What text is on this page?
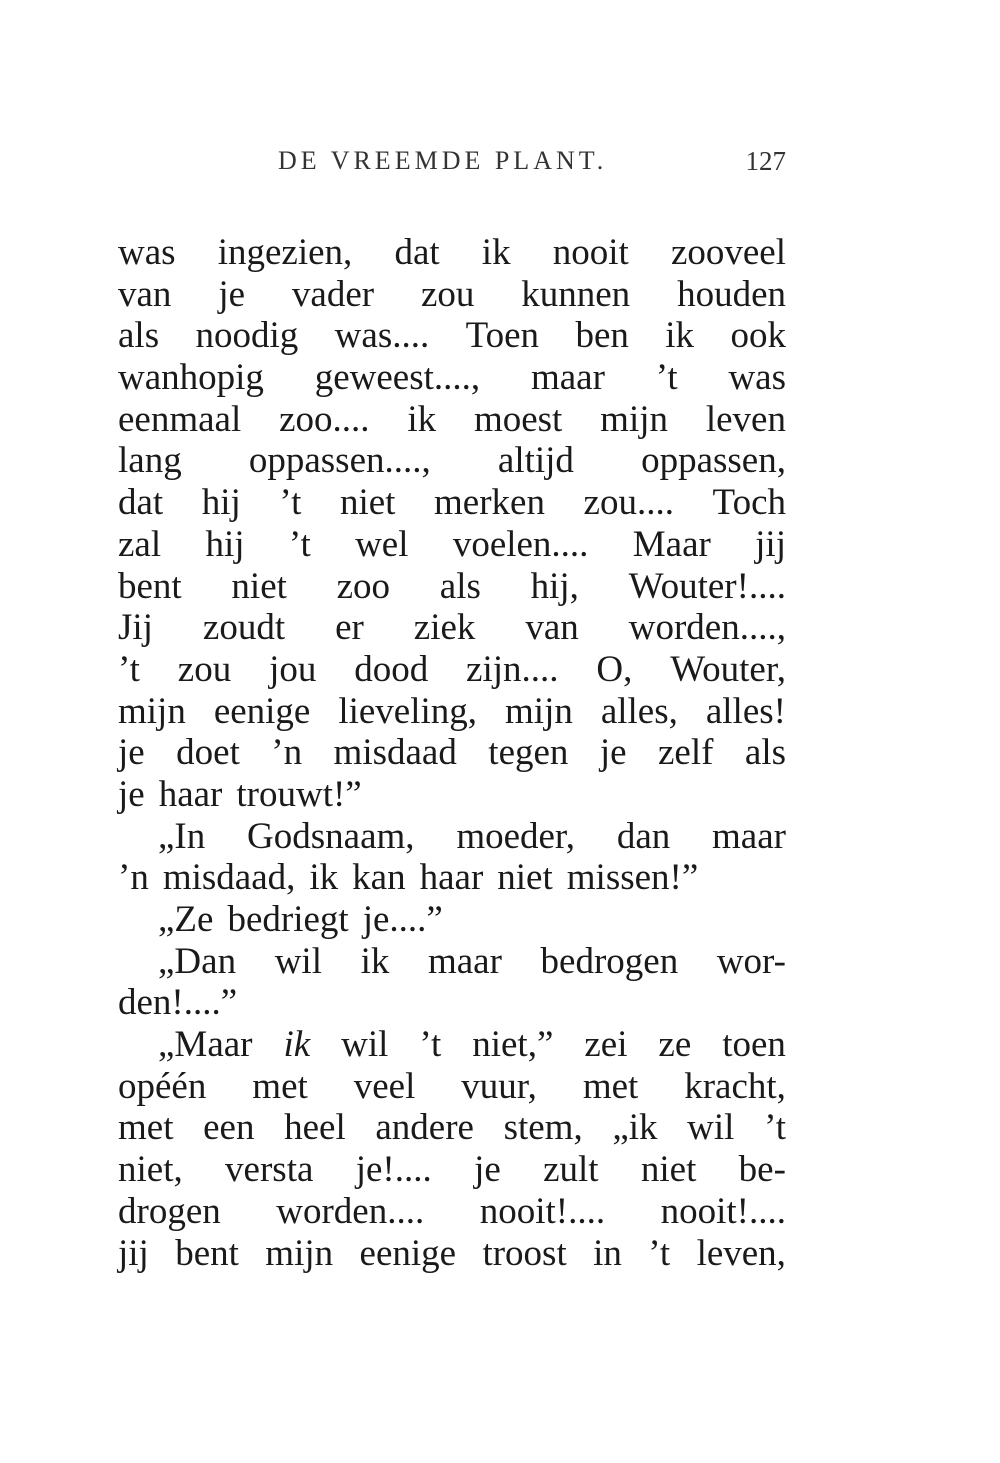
DE VREEMDE PLANT.	127
was ingezien, dat ik nooit zooveel
van je vader zou kunnen houden
als noodig was.... Toen ben ik ook
wanhopig geweest...., maar ’t was
eenmaal zoo.... ik moest mijn leven
lang oppassen...., altijd oppassen,
dat hij ’t niet merken zou.... Toch
zal hij ’t wel voelen.... Maar jij
bent niet zoo als hij, Wouter!....
Jij zoudt er ziek van worden....,
’t zou jou dood zijn.... O, Wouter,
mijn eenige lieveling, mijn alles, alles!
je doet ’n misdaad tegen je zelf als
je haar trouwt!”
„In Godsnaam, moeder, dan maar
’n misdaad, ik kan haar niet missen!”
„Ze bedriegt je....”
„Dan wil ik maar bedrogen wor-
den!....”
„Maar ik wil ’t niet,” zei ze toen
opéén met veel vuur, met kracht,
met een heel andere stem, „ik wil ’t
niet, versta je!.... je zult niet be-
drogen worden.... nooit!.... nooit!....
jij bent mijn eenige troost in ’t leven,
